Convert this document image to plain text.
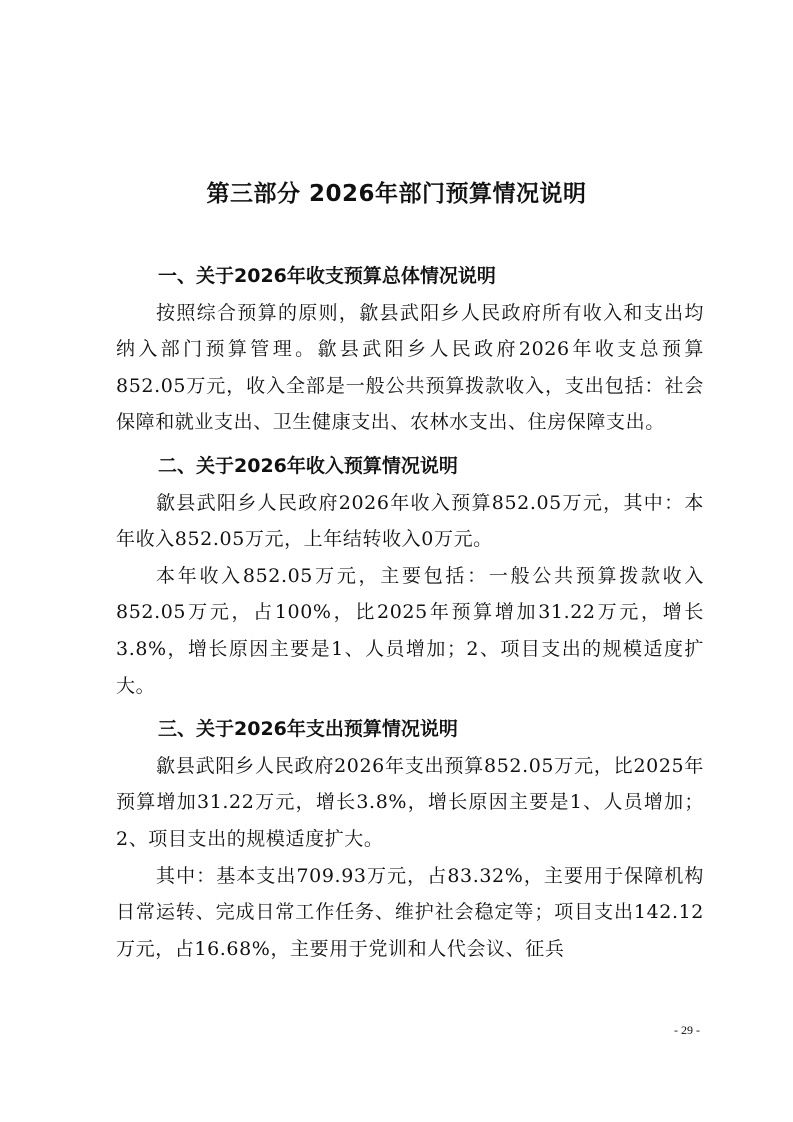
第三部分 2026年部门预算情况说明
一、关于2026年收支预算总体情况说明

按照综合预算的原则，歙县武阳乡人民政府所有收入和支出均纳入部门预算管理。歙县武阳乡人民政府2026年收支总预算852.05万元，收入全部是一般公共预算拨款收入，支出包括：社会保障和就业支出、卫生健康支出、农林水支出、住房保障支出。

二、关于2026年收入预算情况说明

歙县武阳乡人民政府2026年收入预算852.05万元，其中：本年收入852.05万元，上年结转收入0万元。

本年收入852.05万元，主要包括：一般公共预算拨款收入852.05万元，占100%，比2025年预算增加31.22万元，增长3.8%，增长原因主要是1、人员增加；2、项目支出的规模适度扩大。

三、关于2026年支出预算情况说明

歙县武阳乡人民政府2026年支出预算852.05万元，比2025年预算增加31.22万元，增长3.8%，增长原因主要是1、人员增加；2、项目支出的规模适度扩大。

其中：基本支出709.93万元，占83.32%，主要用于保障机构日常运转、完成日常工作任务、维护社会稳定等；项目支出142.12万元，占16.68%，主要用于党训和人代会议、征兵

- 29 -
